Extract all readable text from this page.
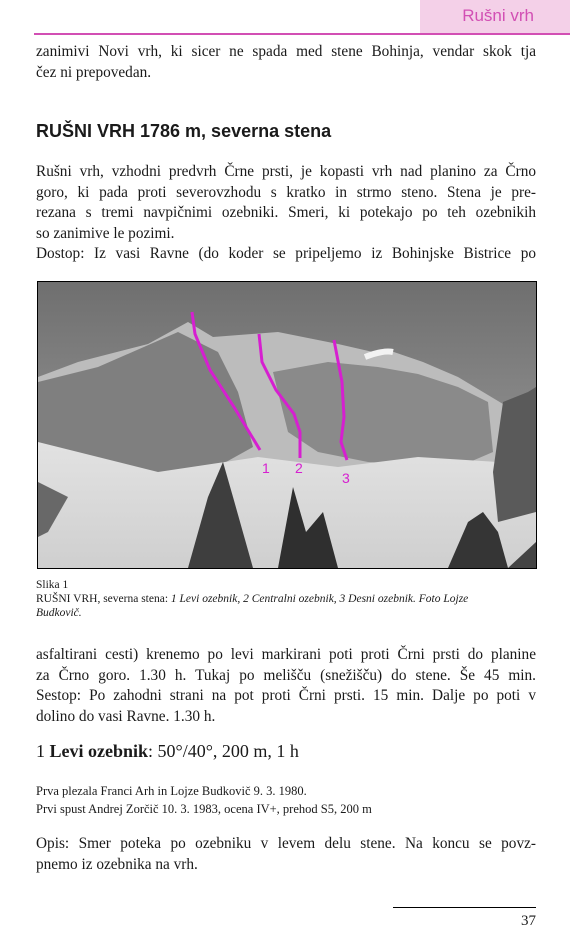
Rušni vrh

zanimivi Novi vrh, ki sicer ne spada med stene Bohinja, vendar skok tja
čez ni prepovedan.

RUŠNI VRH 1786 m, severna stena

Rušni vrh, vzhodni predvrh Črne prsti, je kopasti vrh nad planino za Črno
goro, ki pada proti severovzhodu s kratko in strmo steno. Stena je pre-
rezana s tremi navpičnimi ozebniki. Smeri, ki potekajo po teh ozebnikih
so zanimive le pozimi.
Dostop: Iz vasi Ravne (do koder se pripeljemo iz Bohinjske Bistrice po

1 2
3
Slika 1
RUŠNI VRH, severna stena: 1 Levi ozebnik, 2 Centralni ozebnik, 3 Desni ozebnik. Foto Lojze
Budkovič.

asfaltirani cesti) krenemo po levi markirani poti proti Črni prsti do planine
za Črno goro. 1.30 h. Tukaj po melišču (snežišču) do stene. Še 45 min.
Sestop: Po zahodni strani na pot proti Črni prsti. 15 min. Dalje po poti v
dolino do vasi Ravne. 1.30 h.

1 Levi ozebnik: 50°/40°, 200 m, 1 h
Prva plezala Franci Arh in Lojze Budkovič 9. 3. 1980.
Prvi spust Andrej Zorčič 10. 3. 1983, ocena IV+, prehod S5, 200 m

Opis: Smer poteka po ozebniku v levem delu stene. Na koncu se povz-
pnemo iz ozebnika na vrh.

37
